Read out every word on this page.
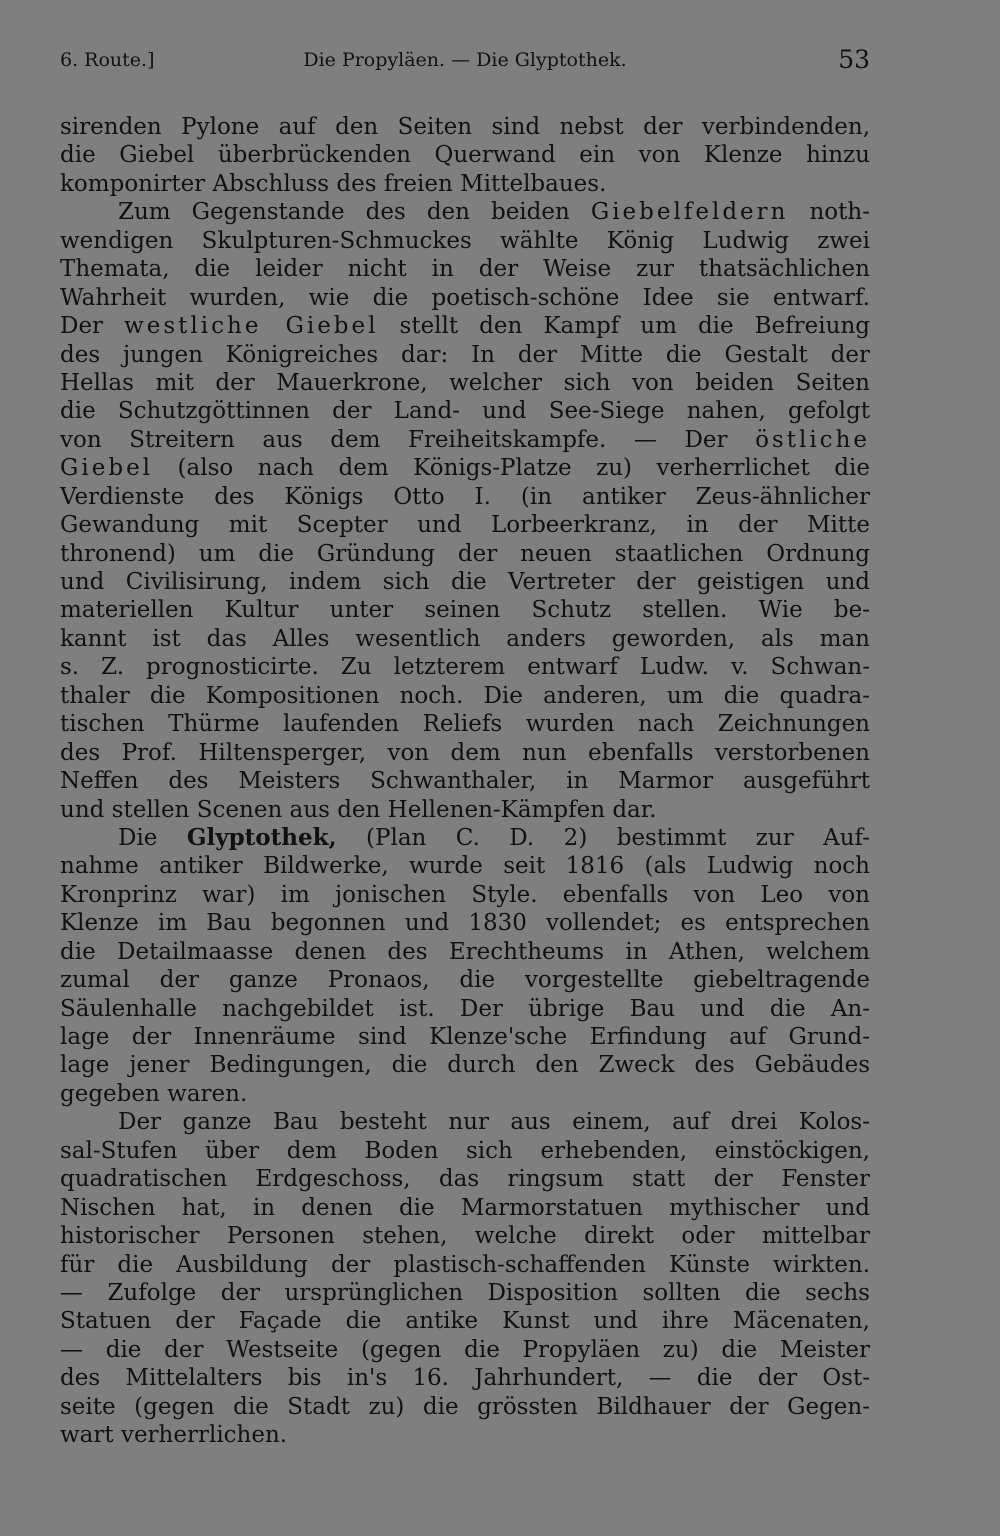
6. Route.]	Die Propyläen. — Die Glyptothek.	53
sirenden Pylone auf den Seiten sind nebst der verbindenden,
die Giebel überbrückenden Querwand ein von Klenze hinzu
komponirter Abschluss des freien Mittelbaues.
Zum Gegenstande des den beiden Giebelfeldern noth-
wendigen Skulpturen-Schmuckes wählte König Ludwig zwei
Themata, die leider nicht in der Weise zur thatsächlichen
Wahrheit wurden, wie die poetisch-schöne Idee sie entwarf.
Der westliche Giebel stellt den Kampf um die Befreiung
des jungen Königreiches dar: In der Mitte die Gestalt der
Hellas mit der Mauerkrone, welcher sich von beiden Seiten
die Schutzgöttinnen der Land- und See-Siege nahen, gefolgt
von Streitern aus dem Freiheitskampfe. — Der östliche
Giebel (also nach dem Königs-Platze zu) verherrlichet die
Verdienste des Königs Otto I. (in antiker Zeus-ähnlicher
Gewandung mit Scepter und Lorbeerkranz, in der Mitte
thronend) um die Gründung der neuen staatlichen Ordnung
und Civilisirung, indem sich die Vertreter der geistigen und
materiellen Kultur unter seinen Schutz stellen. Wie be-
kannt ist das Alles wesentlich anders geworden, als man
s. Z. prognosticirte. Zu letzterem entwarf Ludw. v. Schwan-
thaler die Kompositionen noch. Die anderen, um die quadra-
tischen Thürme laufenden Reliefs wurden nach Zeichnungen
des Prof. Hiltensperger, von dem nun ebenfalls verstorbenen
Neffen des Meisters Schwanthaler, in Marmor ausgeführt
und stellen Scenen aus den Hellenen-Kämpfen dar.
Die Glyptothek, (Plan C. D. 2) bestimmt zur Auf-
nahme antiker Bildwerke, wurde seit 1816 (als Ludwig noch
Kronprinz war) im jonischen Style. ebenfalls von Leo von
Klenze im Bau begonnen und 1830 vollendet; es entsprechen
die Detailmaasse denen des Erechtheums in Athen, welchem
zumal der ganze Pronaos, die vorgestellte giebeltragende
Säulenhalle nachgebildet ist. Der übrige Bau und die An-
lage der Innenräume sind Klenze'sche Erfindung auf Grund-
lage jener Bedingungen, die durch den Zweck des Gebäudes
gegeben waren.
Der ganze Bau besteht nur aus einem, auf drei Kolos-
sal-Stufen über dem Boden sich erhebenden, einstöckigen,
quadratischen Erdgeschoss, das ringsum statt der Fenster
Nischen hat, in denen die Marmorstatuen mythischer und
historischer Personen stehen, welche direkt oder mittelbar
für die Ausbildung der plastisch-schaffenden Künste wirkten.
— Zufolge der ursprünglichen Disposition sollten die sechs
Statuen der Façade die antike Kunst und ihre Mäcenaten,
— die der Westseite (gegen die Propyläen zu) die Meister
des Mittelalters bis in's 16. Jahrhundert, — die der Ost-
seite (gegen die Stadt zu) die grössten Bildhauer der Gegen-
wart verherrlichen.
